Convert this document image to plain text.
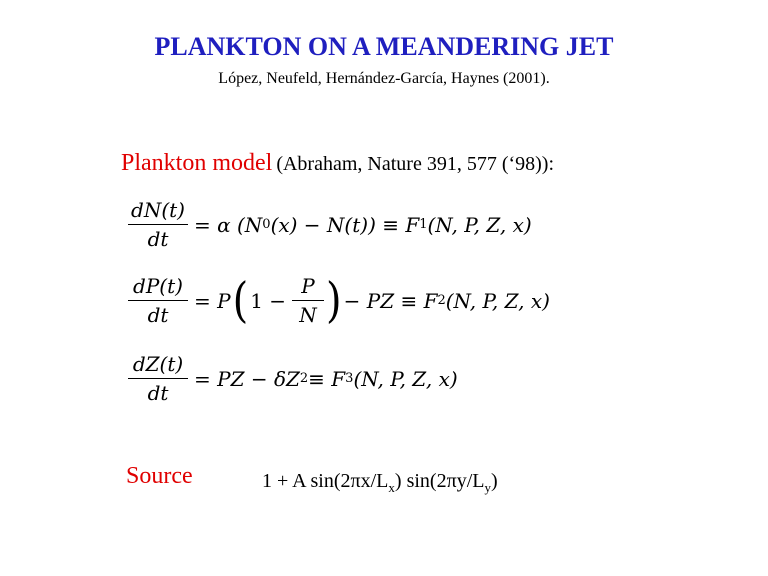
PLANKTON ON A MEANDERING JET
López, Neufeld, Hernández-García, Haynes (2001).
Plankton model (Abraham, Nature 391, 577 (‘98)):
$\frac{dN(t)}{dt} = \alpha$ (N 0 (x) − N(t)) ≡ F 1 (N, P, Z, x)
$\frac{dP(t)}{dt} = P$ ( $1 - \frac{P}{N}$ ) − PZ ≡ F 2 (N, P, Z, x)
$\frac{dZ(t)}{dt}$ = PZ − δZ 2 ≡ F 3 (N, P, Z, x)
Source	1 + A $\sin(2\pi x/L_x)$ $\sin(2\pi y/L_y)$
